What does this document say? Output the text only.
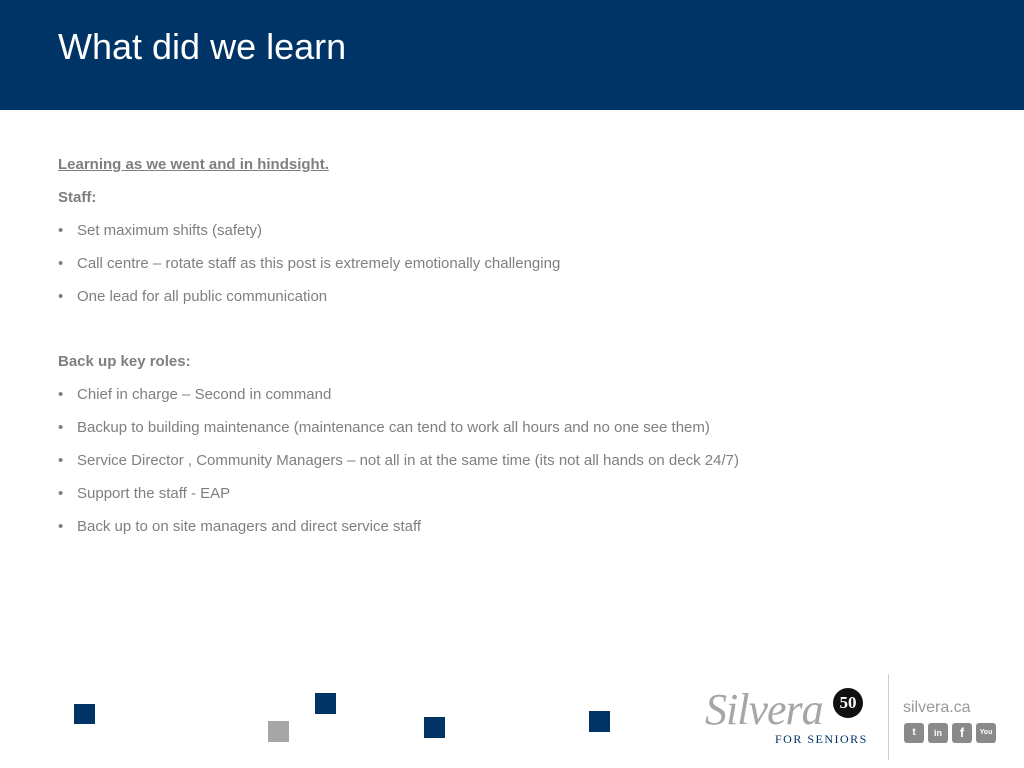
What did we learn
Learning as we went and in hindsight.
Staff:
• Set maximum shifts (safety)
• Call centre – rotate staff as this post is extremely emotionally challenging
• One lead for all public communication
Back up key roles:
• Chief in charge – Second in command
• Backup to building maintenance (maintenance can tend to work all hours and no one see them)
• Service Director , Community Managers – not all in at the same time (its not all hands on deck 24/7)
• Support the staff - EAP
• Back up to on site managers and direct service staff
Silvera 50
FOR SENIORS
silvera.ca
t	in	f	You
